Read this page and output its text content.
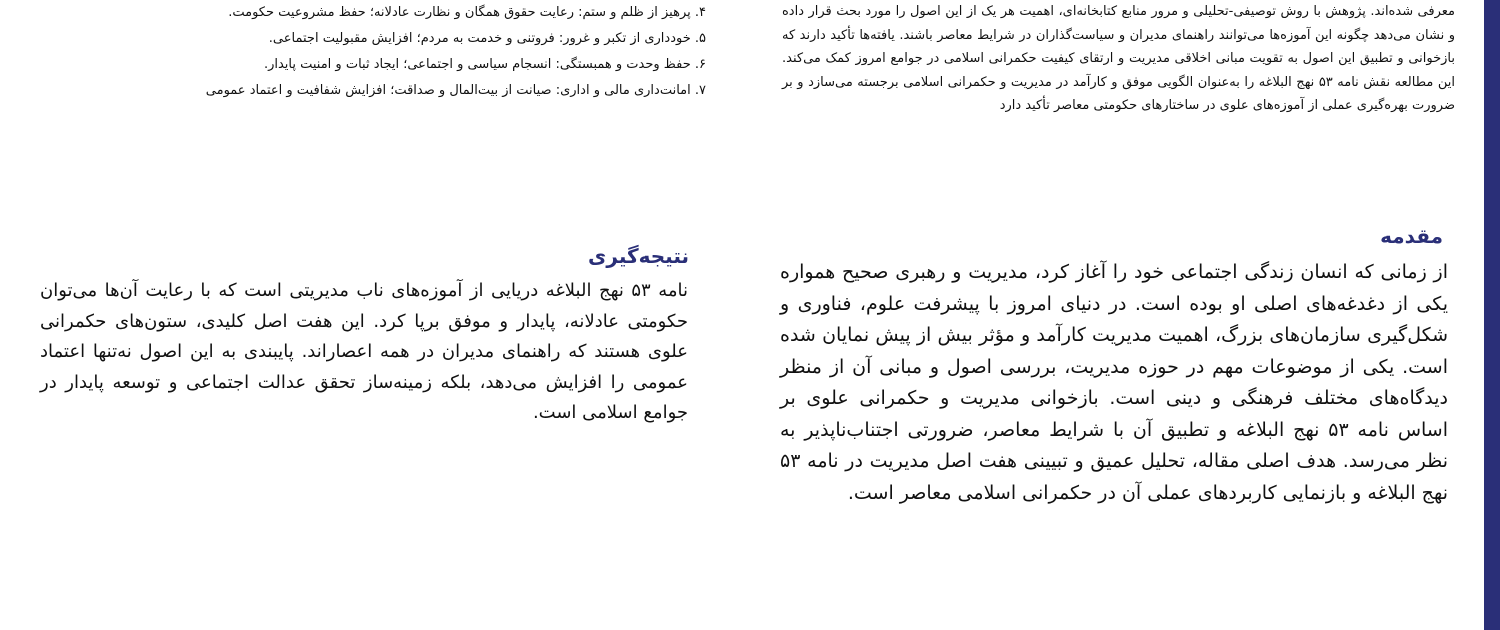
۴. پرهیز از ظلم و ستم: رعایت حقوق همگان و نظارت عادلانه؛ حفظ مشروعیت حکومت.
۵. خودداری از تکبر و غرور: فروتنی و خدمت به مردم؛ افزایش مقبولیت اجتماعی.
۶. حفظ وحدت و همبستگی: انسجام سیاسی و اجتماعی؛ ایجاد ثبات و امنیت پایدار.
۷. امانت‌داری مالی و اداری: صیانت از بیت‌المال و صداقت؛ افزایش شفافیت و اعتماد عمومی

معرفی شده‌اند. پژوهش با روش توصیفی-تحلیلی و مرور منابع کتابخانه‌ای، اهمیت هر یک از این اصول را مورد بحث قرار داده و نشان می‌دهد چگونه این آموزه‌ها می‌توانند راهنمای مدیران و سیاست‌گذاران در شرایط معاصر باشند. یافته‌ها تأکید دارند که بازخوانی و تطبیق این اصول به تقویت مبانی اخلاقی مدیریت و ارتقای کیفیت حکمرانی اسلامی در جوامع امروز کمک می‌کند. این مطالعه نقش نامه ۵۳ نهج البلاغه را به‌عنوان الگویی موفق و کارآمد در مدیریت و حکمرانی اسلامی برجسته می‌سازد و بر ضرورت بهره‌گیری عملی از آموزه‌های علوی در ساختارهای حکومتی معاصر تأکید دارد

مقدمه

از زمانی که انسان زندگی اجتماعی خود را آغاز کرد، مدیریت و رهبری صحیح همواره یکی از دغدغه‌های اصلی او بوده است. در دنیای امروز با پیشرفت علوم، فناوری و شکل‌گیری سازمان‌های بزرگ، اهمیت مدیریت کارآمد و مؤثر بیش از پیش نمایان شده است. یکی از موضوعات مهم در حوزه مدیریت، بررسی اصول و مبانی آن از منظر دیدگاه‌های مختلف فرهنگی و دینی است. بازخوانی مدیریت و حکمرانی علوی بر اساس نامه ۵۳ نهج البلاغه و تطبیق آن با شرایط معاصر، ضرورتی اجتناب‌ناپذیر به نظر می‌رسد. هدف اصلی مقاله، تحلیل عمیق و تبیینی هفت اصل مدیریت در نامه ۵۳ نهج البلاغه و بازنمایی کاربردهای عملی آن در حکمرانی اسلامی معاصر است.

نتیجه‌گیری

نامه ۵۳ نهج البلاغه دریایی از آموزه‌های ناب مدیریتی است که با رعایت آن‌ها می‌توان حکومتی عادلانه، پایدار و موفق برپا کرد. این هفت اصل کلیدی، ستون‌های حکمرانی علوی هستند که راهنمای مدیران در همه اعصاراند. پایبندی به این اصول نه‌تنها اعتماد عمومی را افزایش می‌دهد، بلکه زمینه‌ساز تحقق عدالت اجتماعی و توسعه پایدار در جوامع اسلامی است.
